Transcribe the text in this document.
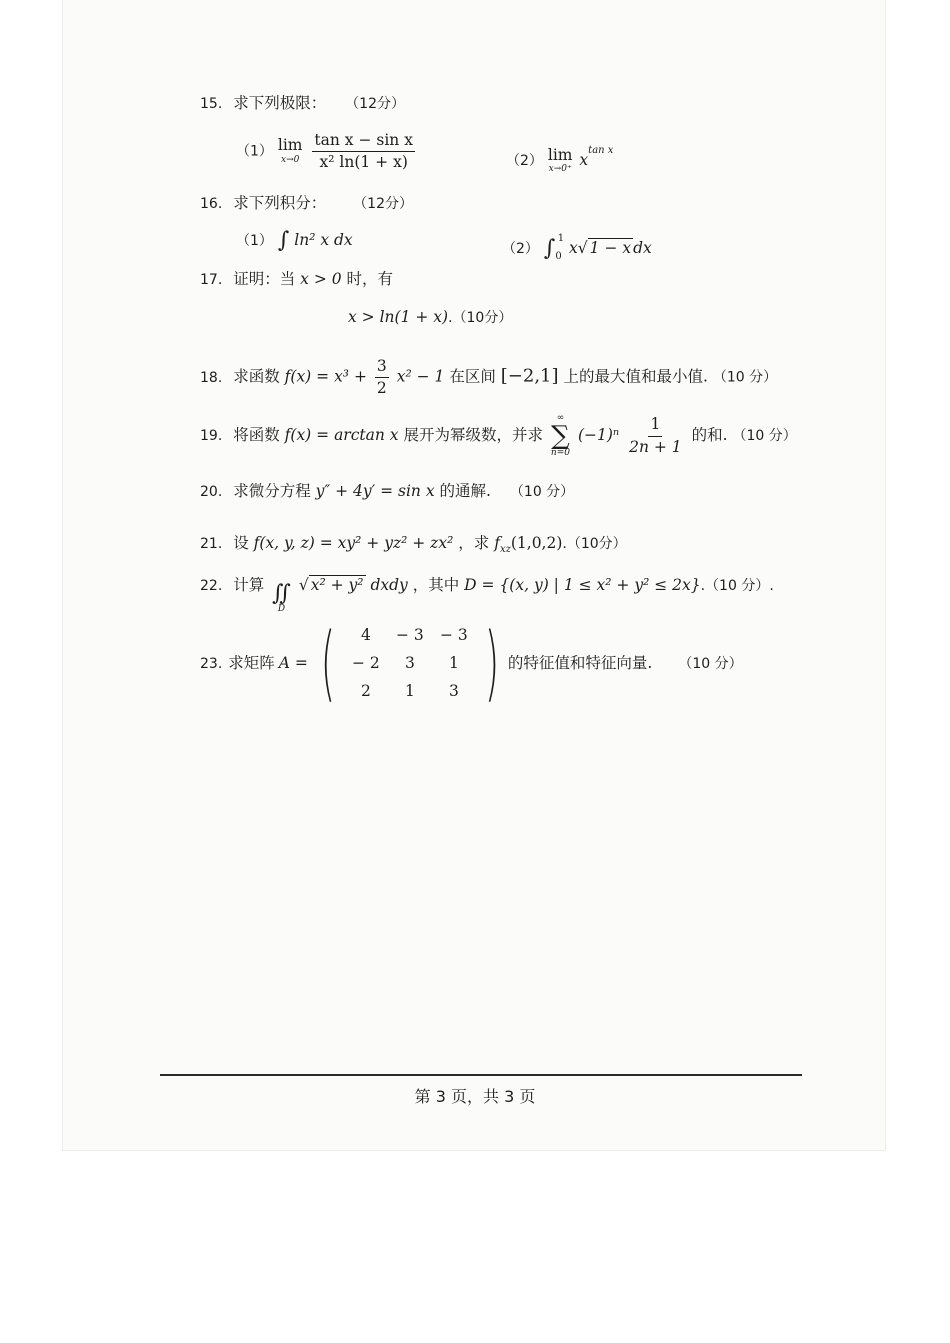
15. 求下列极限： （12分）
（1） lim
x→0
$\frac{\text{tan x − sin x}}{\text{x² ln(1 + x)}}$	（2） lim
x→0⁺
$x^{tan x}$
16. 求下列积分： （12分）
（1） ∫ ln² x dx	（2） $\int_0^1$ x√ 1 − x dx
17. 证明：当 x > 0 时，有
x > ln(1 + x).（10分）
18. 求函数 $f(x) = x^3 + \frac{3}{2} x^2 - 1$ 在区间 [−2,1] 上的最大值和最小值. （10 分）
19. 将函数 f(x) = arctan x 展开为幂级数，并求
∞
∑
n=0
$(-1)^n \frac{1}{2n + 1}$ 的和. （10 分）
20. 求微分方程 y″ + 4y′ = sin x 的通解. （10 分）
21. 设 f(x, y, z) = xy² + yz² + zx² ，求 $f_{xz}(1,0,2).(10$分）
22. 计算 ∬
D
√ x² + y² dxdy ，其中 D = {(x, y) | 1 ≤ x² + y² ≤ 2x}.（10 分）.
23. 求矩阵 A = ( 4	− 3	− 3
− 2	3	1
2	1	3 ) 的特征值和特征向量. （10 分）
第 3 页，共 3 页
